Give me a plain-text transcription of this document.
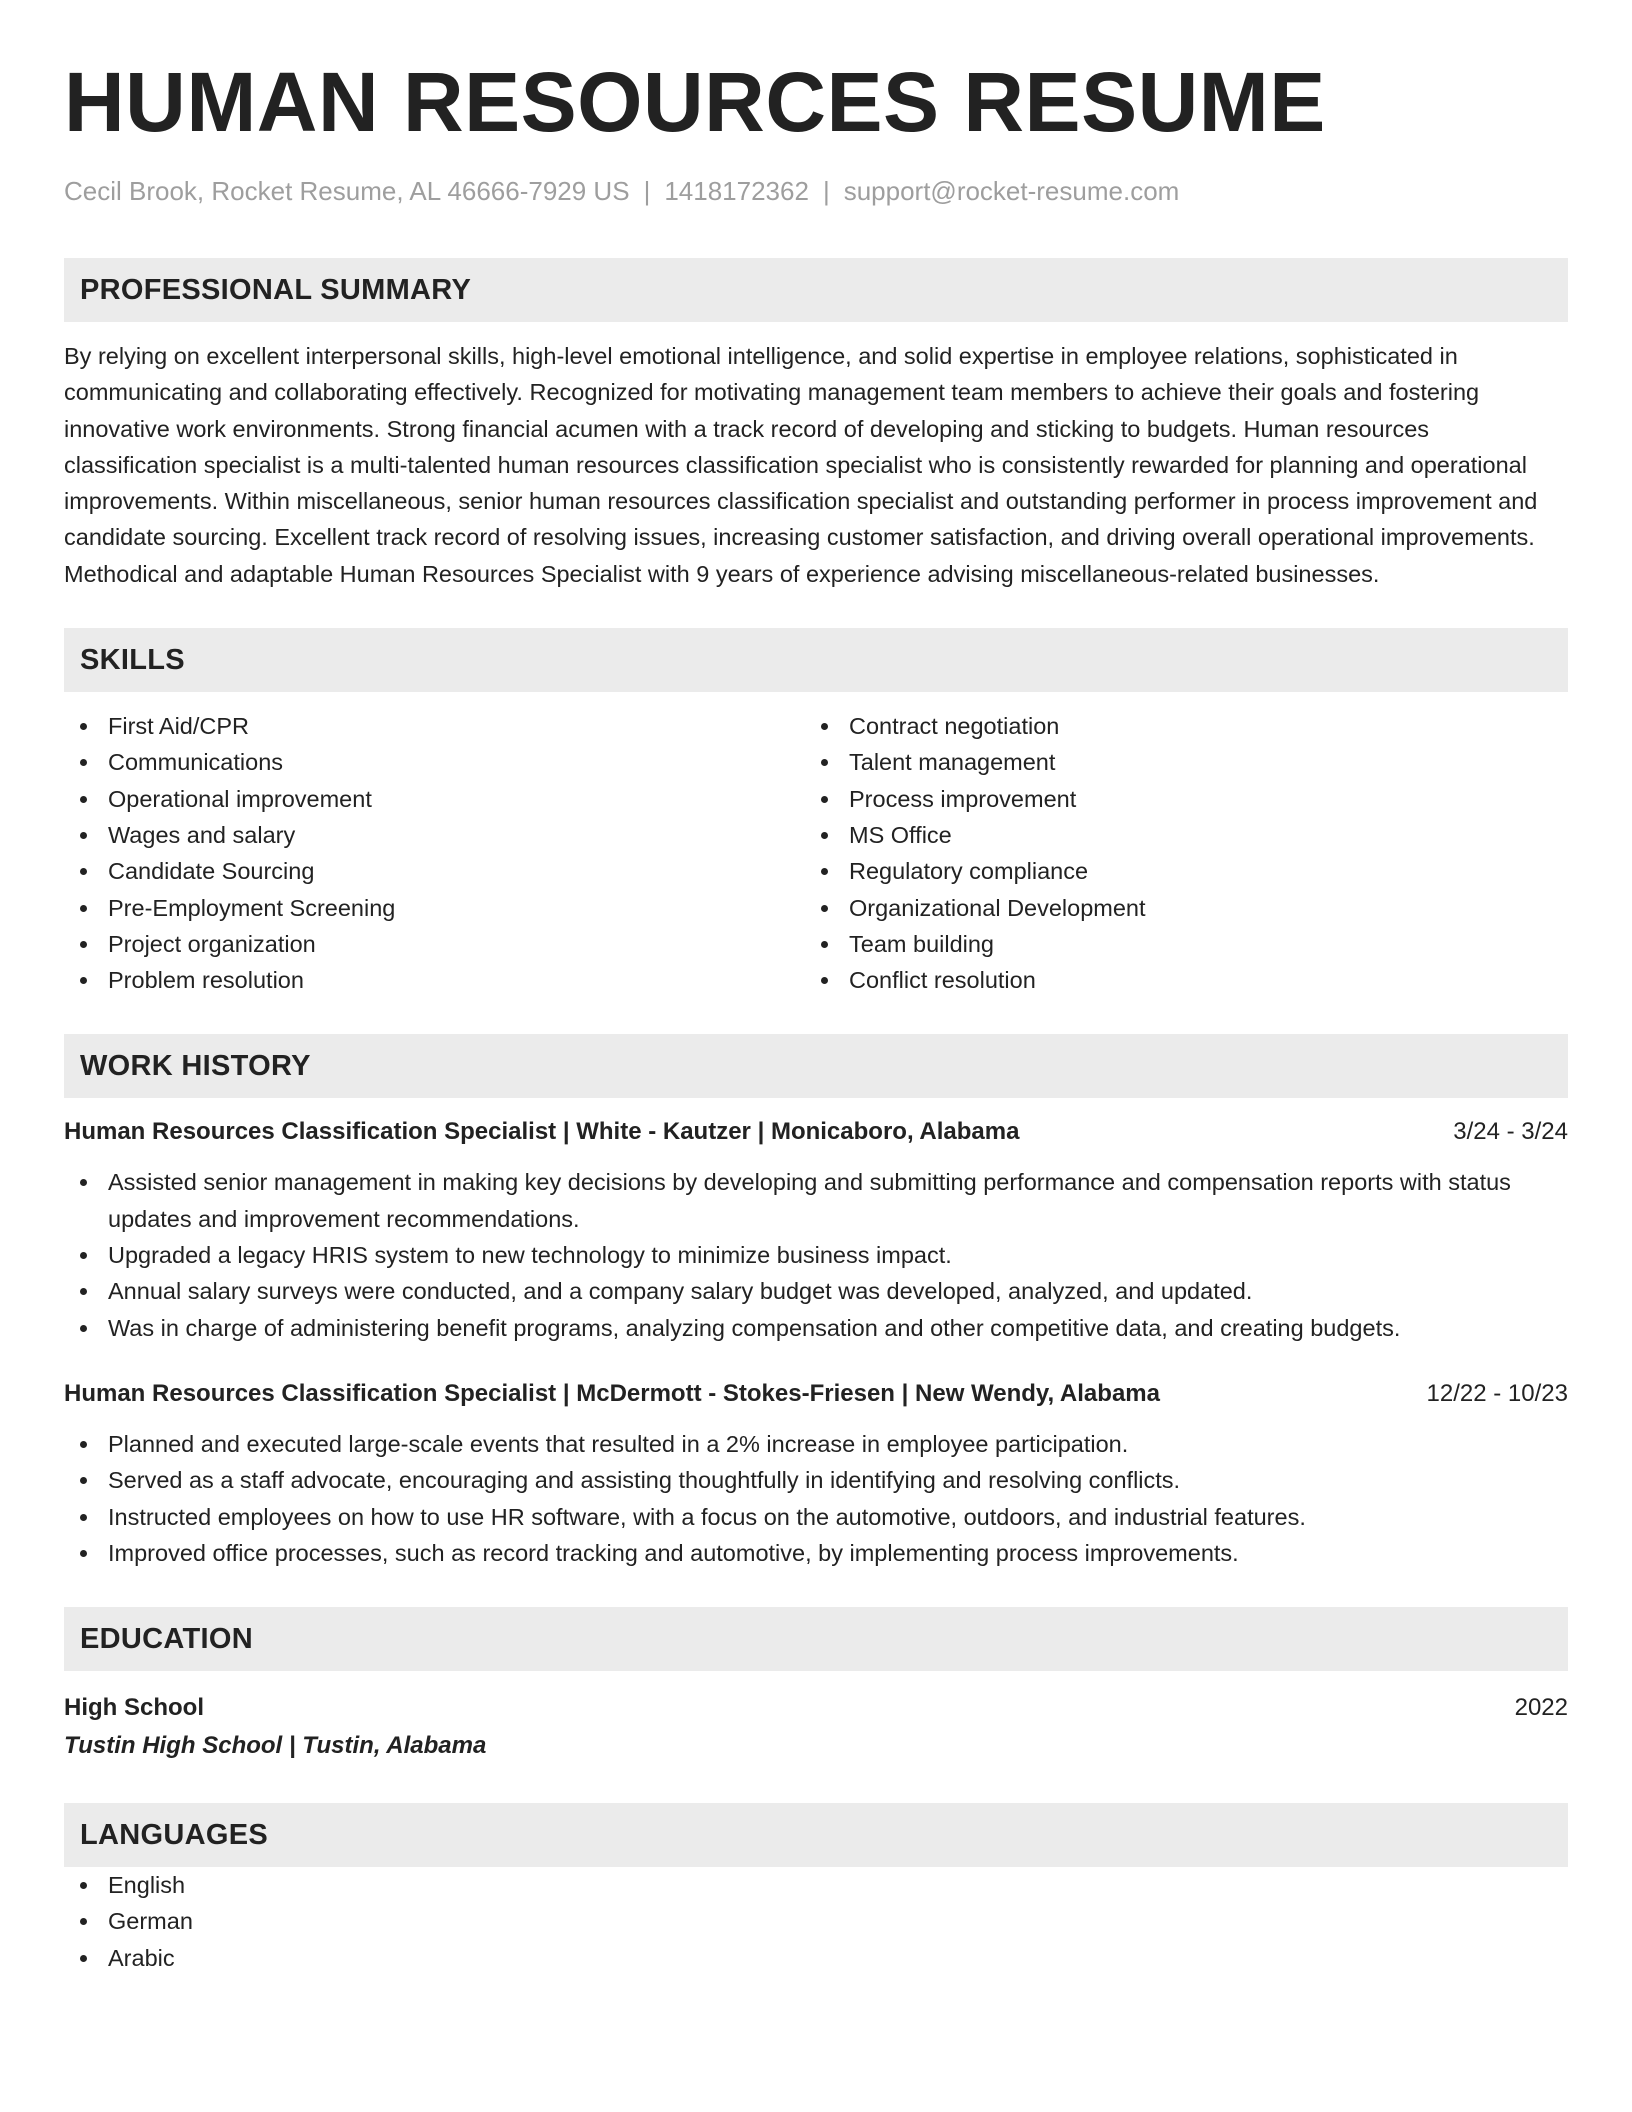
HUMAN RESOURCES RESUME
Cecil Brook, Rocket Resume, AL 46666-7929 US | 1418172362 | support@rocket-resume.com
PROFESSIONAL SUMMARY
By relying on excellent interpersonal skills, high-level emotional intelligence, and solid expertise in employee relations, sophisticated in communicating and collaborating effectively. Recognized for motivating management team members to achieve their goals and fostering innovative work environments. Strong financial acumen with a track record of developing and sticking to budgets. Human resources classification specialist is a multi-talented human resources classification specialist who is consistently rewarded for planning and operational improvements. Within miscellaneous, senior human resources classification specialist and outstanding performer in process improvement and candidate sourcing. Excellent track record of resolving issues, increasing customer satisfaction, and driving overall operational improvements. Methodical and adaptable Human Resources Specialist with 9 years of experience advising miscellaneous-related businesses.
SKILLS
First Aid/CPR
Communications
Operational improvement
Wages and salary
Candidate Sourcing
Pre-Employment Screening
Project organization
Problem resolution
Contract negotiation
Talent management
Process improvement
MS Office
Regulatory compliance
Organizational Development
Team building
Conflict resolution
WORK HISTORY
Human Resources Classification Specialist | White - Kautzer | Monicaboro, Alabama	3/24 - 3/24
Assisted senior management in making key decisions by developing and submitting performance and compensation reports with status updates and improvement recommendations.
Upgraded a legacy HRIS system to new technology to minimize business impact.
Annual salary surveys were conducted, and a company salary budget was developed, analyzed, and updated.
Was in charge of administering benefit programs, analyzing compensation and other competitive data, and creating budgets.
Human Resources Classification Specialist | McDermott - Stokes-Friesen | New Wendy, Alabama	12/22 - 10/23
Planned and executed large-scale events that resulted in a 2% increase in employee participation.
Served as a staff advocate, encouraging and assisting thoughtfully in identifying and resolving conflicts.
Instructed employees on how to use HR software, with a focus on the automotive, outdoors, and industrial features.
Improved office processes, such as record tracking and automotive, by implementing process improvements.
EDUCATION
High School	2022
Tustin High School | Tustin, Alabama
LANGUAGES
English
German
Arabic
